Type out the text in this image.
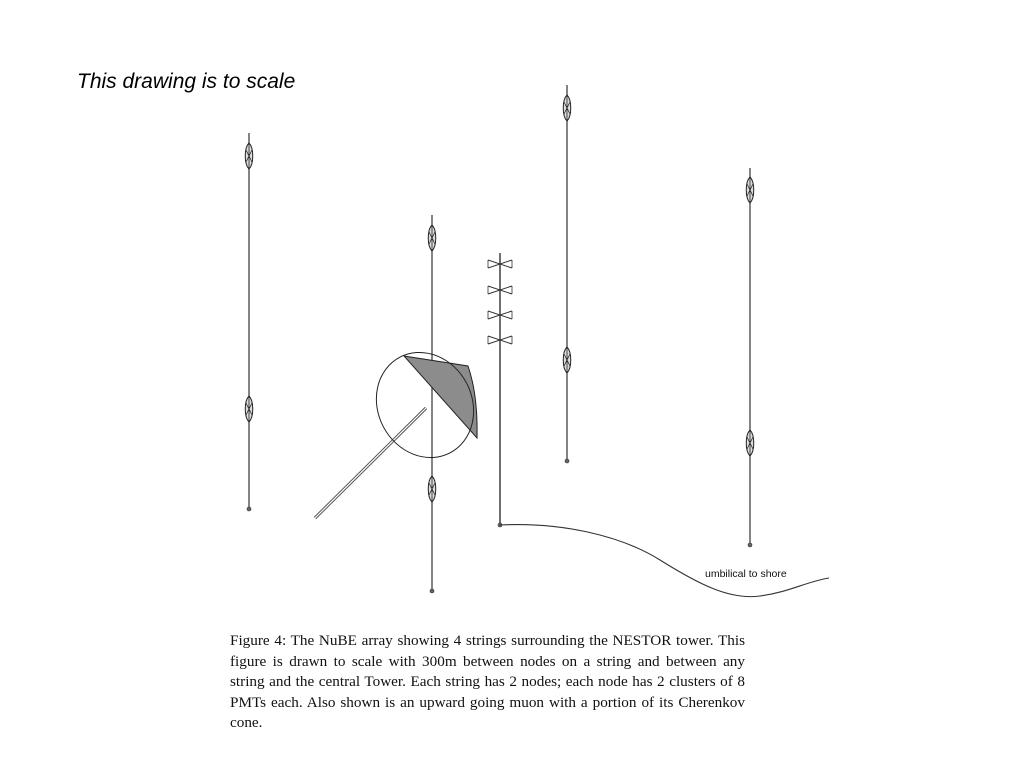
This drawing is to scale
umbilical to shore
Figure 4: The NuBE array showing 4 strings surrounding the NESTOR tower. This figure is drawn to scale with 300m between nodes on a string and between any string and the central Tower. Each string has 2 nodes; each node has 2 clusters of 8 PMTs each. Also shown is an upward going muon with a portion of its Cherenkov cone.
